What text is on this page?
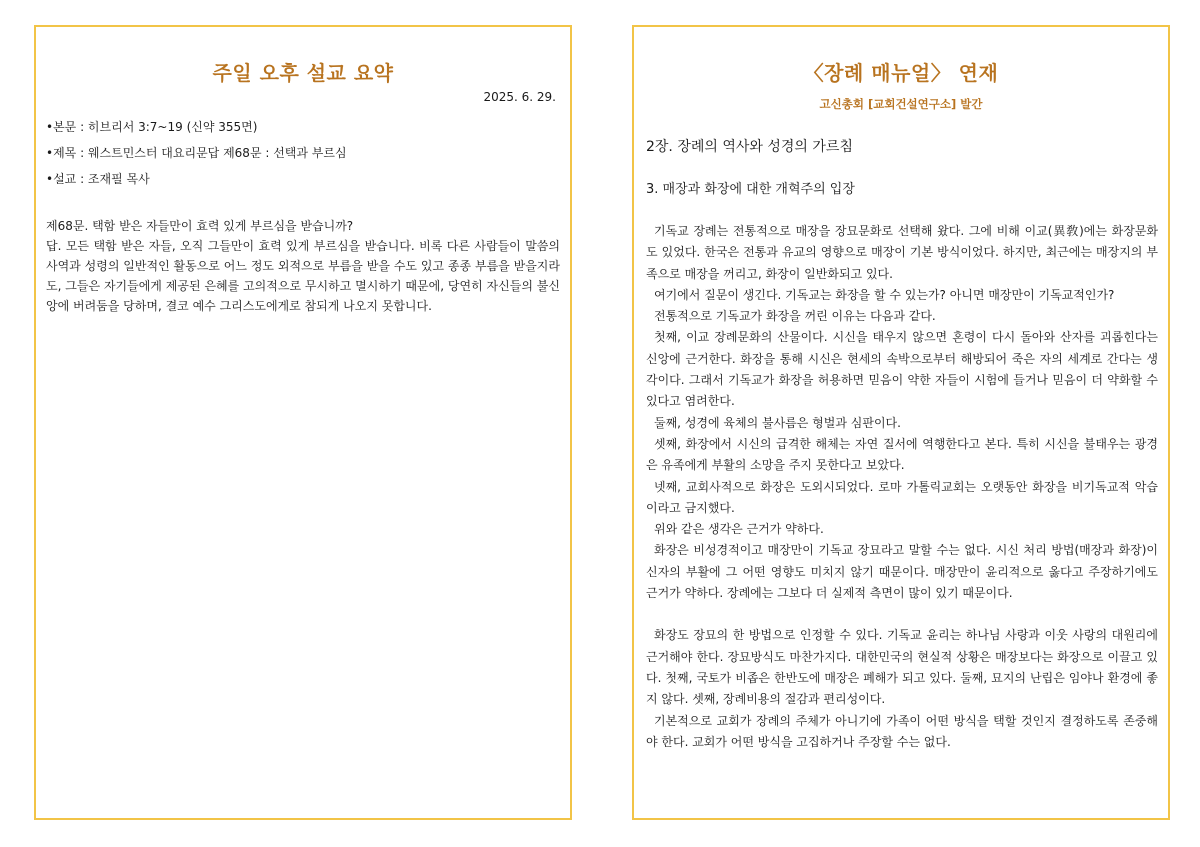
주일 오후 설교 요약
2025. 6. 29.
•본문 : 히브리서 3:7~19 (신약 355면)
•제목 : 웨스트민스터 대요리문답 제68문 : 선택과 부르심
•설교 : 조재필 목사
제68문. 택함 받은 자들만이 효력 있게 부르심을 받습니까?
답. 모든 택함 받은 자들, 오직 그들만이 효력 있게 부르심을 받습니다. 비록 다른 사람들이 말씀의 사역과 성령의 일반적인 활동으로 어느 정도 외적으로 부름을 받을 수도 있고 종종 부름을 받을지라도, 그들은 자기들에게 제공된 은혜를 고의적으로 무시하고 멸시하기 때문에, 당연히 자신들의 불신앙에 버려둠을 당하며, 결코 예수 그리스도에게로 참되게 나오지 못합니다.
〈장례 매뉴얼〉 연재
고신총회 [교회건설연구소] 발간
2장. 장례의 역사와 성경의 가르침
3. 매장과 화장에 대한 개혁주의 입장

기독교 장례는 전통적으로 매장을 장묘문화로 선택해 왔다. 그에 비해 이교(異敎)에는 화장문화도 있었다. 한국은 전통과 유교의 영향으로 매장이 기본 방식이었다. 하지만, 최근에는 매장지의 부족으로 매장을 꺼리고, 화장이 일반화되고 있다.

여기에서 질문이 생긴다. 기독교는 화장을 할 수 있는가? 아니면 매장만이 기독교적인가?

전통적으로 기독교가 화장을 꺼린 이유는 다음과 같다.

첫째, 이교 장례문화의 산물이다. 시신을 태우지 않으면 혼령이 다시 돌아와 산자를 괴롭힌다는 신앙에 근거한다. 화장을 통해 시신은 현세의 속박으로부터 해방되어 죽은 자의 세계로 간다는 생각이다. 그래서 기독교가 화장을 허용하면 믿음이 약한 자들이 시험에 들거나 믿음이 더 약화할 수 있다고 염려한다.

둘째, 성경에 육체의 불사름은 형벌과 심판이다.

셋째, 화장에서 시신의 급격한 해체는 자연 질서에 역행한다고 본다. 특히 시신을 불태우는 광경은 유족에게 부활의 소망을 주지 못한다고 보았다.

넷째, 교회사적으로 화장은 도외시되었다. 로마 가톨릭교회는 오랫동안 화장을 비기독교적 악습이라고 금지했다.

위와 같은 생각은 근거가 약하다.

화장은 비성경적이고 매장만이 기독교 장묘라고 말할 수는 없다. 시신 처리 방법(매장과 화장)이 신자의 부활에 그 어떤 영향도 미치지 않기 때문이다. 매장만이 윤리적으로 옳다고 주장하기에도 근거가 약하다. 장례에는 그보다 더 실제적 측면이 많이 있기 때문이다.

화장도 장묘의 한 방법으로 인정할 수 있다. 기독교 윤리는 하나님 사랑과 이웃 사랑의 대원리에 근거해야 한다. 장묘방식도 마찬가지다. 대한민국의 현실적 상황은 매장보다는 화장으로 이끌고 있다. 첫째, 국토가 비좁은 한반도에 매장은 폐해가 되고 있다. 둘째, 묘지의 난립은 임야나 환경에 좋지 않다. 셋째, 장례비용의 절감과 편리성이다.

기본적으로 교회가 장례의 주체가 아니기에 가족이 어떤 방식을 택할 것인지 결정하도록 존중해야 한다. 교회가 어떤 방식을 고집하거나 주장할 수는 없다.
